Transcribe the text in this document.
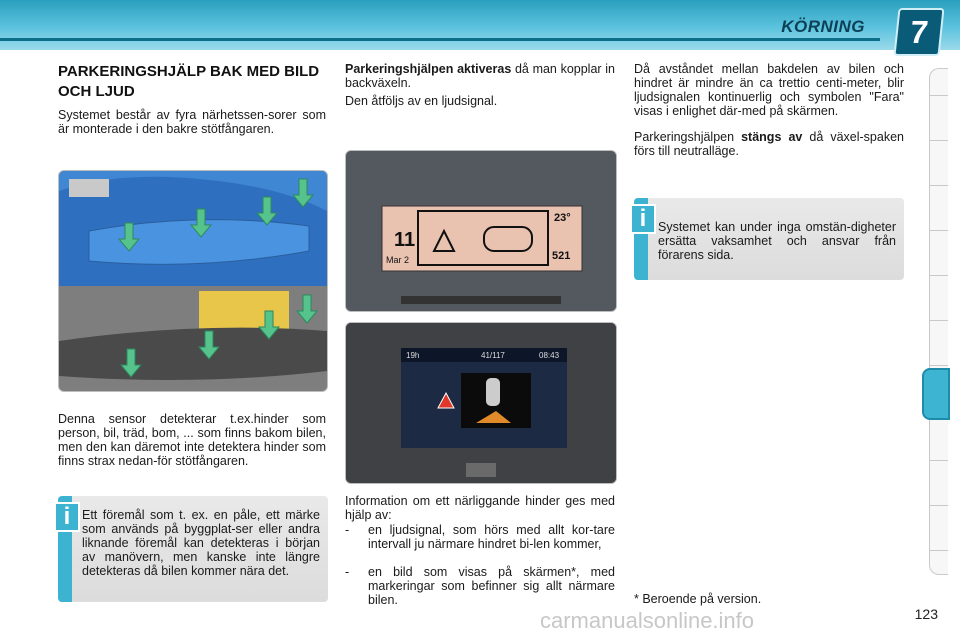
KÖRNING	7
PARKERINGSHJÄLP BAK MED BILD OCH LJUD
Systemet består av fyra närhetssen-sorer som är monterade i den bakre stötfångaren.
Denna sensor detekterar t.ex.hinder som person, bil, träd, bom, ... som finns bakom bilen, men den kan däremot inte detektera hinder som finns strax nedan-för stötfångaren.
i Ett föremål som t. ex. en påle, ett märke som används på byggplat-ser eller andra liknande föremål kan detekteras i början av manövern, men kanske inte längre detekteras då bilen kommer nära det.
Parkeringshjälpen aktiveras då man kopplar in backväxeln.
Den åtföljs av en ljudsignal.
11
Mar 2
23°
521
19h	41/117	08:43
Information om ett närliggande hinder ges med hjälp av:
- en ljudsignal, som hörs med allt kor-tare intervall ju närmare hindret bi-len kommer,
- en bild som visas på skärmen*, med markeringar som befinner sig allt närmare bilen.
Då avståndet mellan bakdelen av bilen och hindret är mindre än ca trettio centi-meter, blir ljudsignalen kontinuerlig och symbolen "Fara" visas i enlighet där-med på skärmen.
Parkeringshjälpen stängs av då växel-spaken förs till neutralläge.
i Systemet kan under inga omstän-digheter ersätta vaksamhet och ansvar från förarens sida.
* Beroende på version.
carmanualsonline.info	123
